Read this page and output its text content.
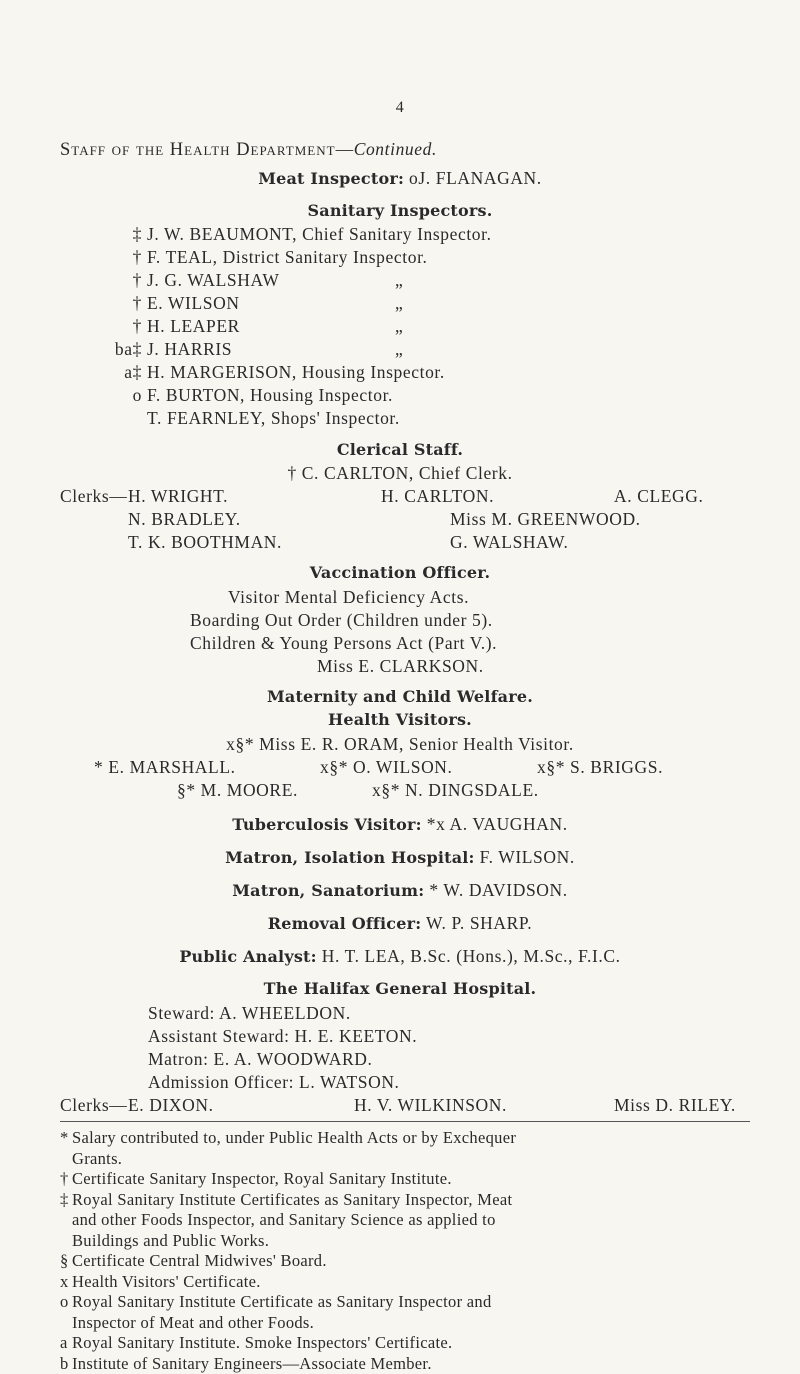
4
Staff of the Health Department—Continued.
Meat Inspector: oJ. FLANAGAN.
Sanitary Inspectors.
‡ J. W. BEAUMONT, Chief Sanitary Inspector.
† F. TEAL, District Sanitary Inspector.
† J. G. WALSHAW	„
† E. WILSON	„
† H. LEAPER	„
ba‡ J. HARRIS	„
a‡ H. MARGERISON, Housing Inspector.
o F. BURTON, Housing Inspector.
T. FEARNLEY, Shops' Inspector.
Clerical Staff.
† C. CARLTON, Chief Clerk.
Clerks— H. WRIGHT.	H. CARLTON.	A. CLEGG.
N. BRADLEY.	Miss M. GREENWOOD.
T. K. BOOTHMAN.	G. WALSHAW.
Vaccination Officer.
Visitor Mental Deficiency Acts.
Boarding Out Order (Children under 5).
Children & Young Persons Act (Part V.).
Miss E. CLARKSON.
Maternity and Child Welfare.
Health Visitors.
x§* Miss E. R. ORAM, Senior Health Visitor.
* E. MARSHALL.	x§* O. WILSON.	x§* S. BRIGGS.
§* M. MOORE.	x§* N. DINGSDALE.
Tuberculosis Visitor: *x A. VAUGHAN.
Matron, Isolation Hospital: F. WILSON.
Matron, Sanatorium: * W. DAVIDSON.
Removal Officer: W. P. SHARP.
Public Analyst: H. T. LEA, B.Sc. (Hons.), M.Sc., F.I.C.
The Halifax General Hospital.
Steward: A. WHEELDON.
Assistant Steward: H. E. KEETON.
Matron: E. A. WOODWARD.
Admission Officer: L. WATSON.
Clerks— E. DIXON.	H. V. WILKINSON.	Miss D. RILEY.
* Salary contributed to, under Public Health Acts or by Exchequer
Grants.
† Certificate Sanitary Inspector, Royal Sanitary Institute.
‡ Royal Sanitary Institute Certificates as Sanitary Inspector, Meat
and other Foods Inspector, and Sanitary Science as applied to
Buildings and Public Works.
§ Certificate Central Midwives' Board.
x Health Visitors' Certificate.
o Royal Sanitary Institute Certificate as Sanitary Inspector and
Inspector of Meat and other Foods.
a Royal Sanitary Institute. Smoke Inspectors' Certificate.
b Institute of Sanitary Engineers—Associate Member.
